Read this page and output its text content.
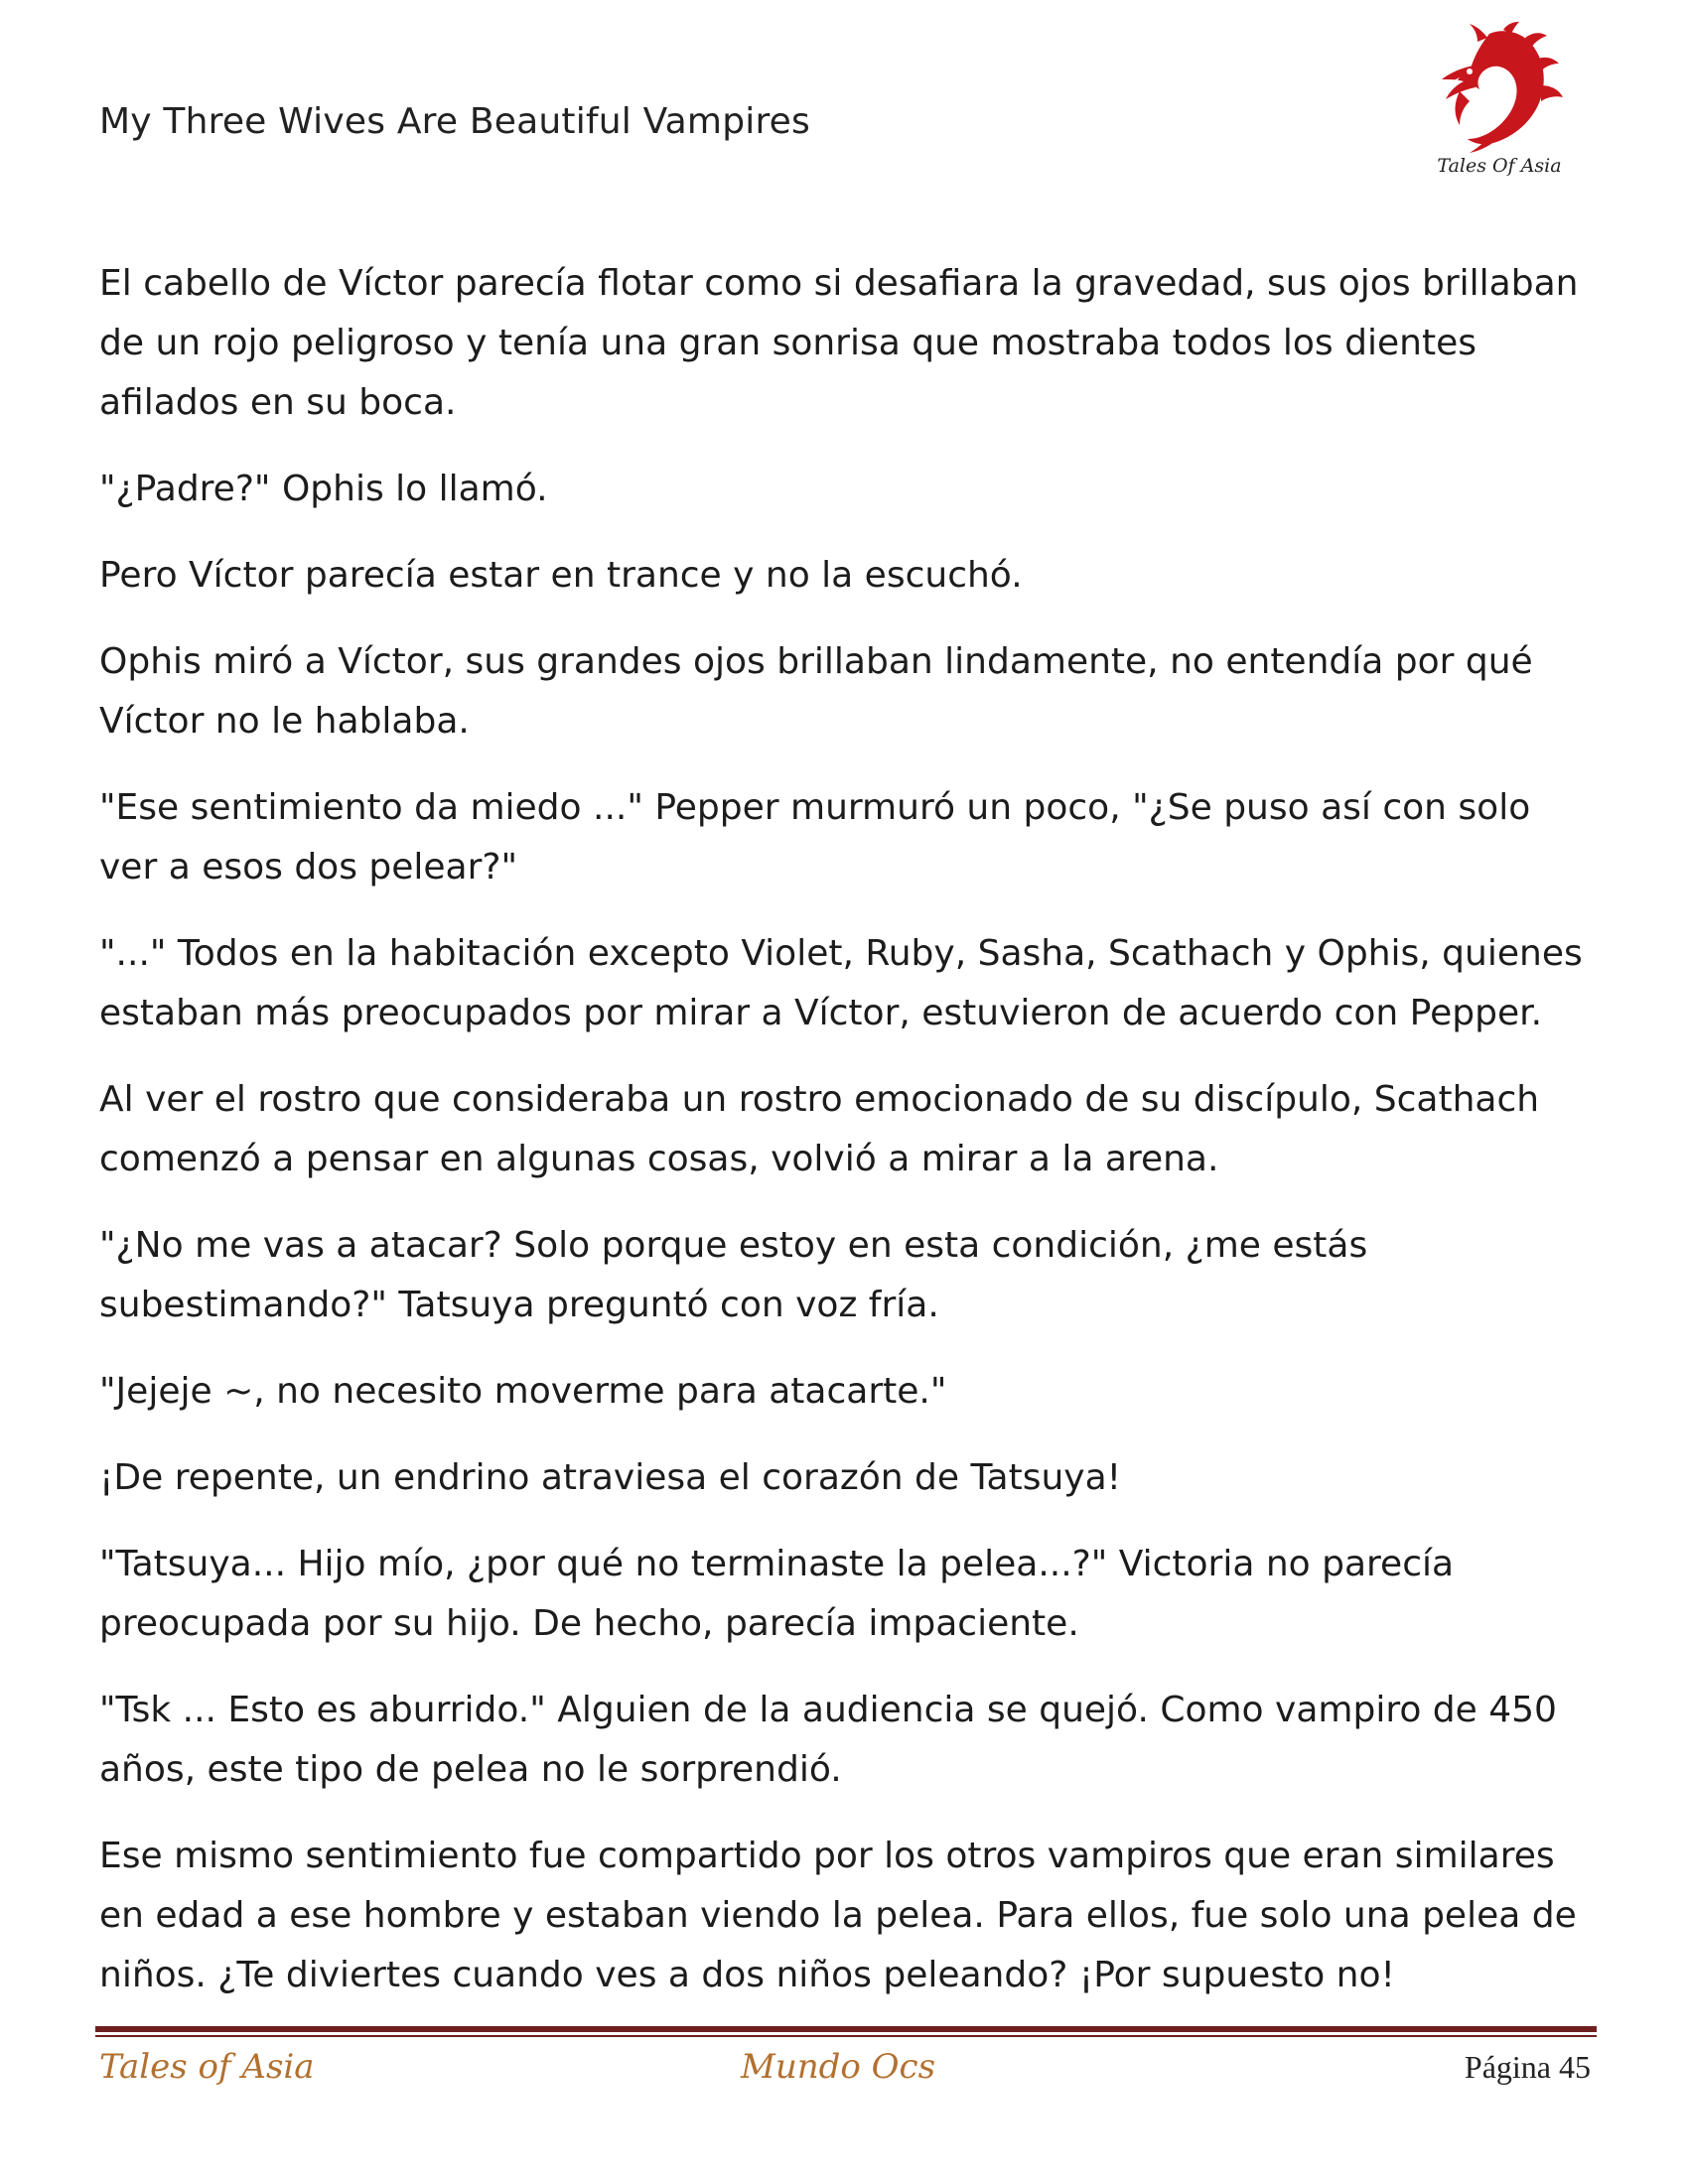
My Three Wives Are Beautiful Vampires
Tales Of Asia

El cabello de Víctor parecía flotar como si desafiara la gravedad, sus ojos brillaban de un rojo peligroso y tenía una gran sonrisa que mostraba todos los dientes afilados en su boca.

"¿Padre?" Ophis lo llamó.

Pero Víctor parecía estar en trance y no la escuchó.

Ophis miró a Víctor, sus grandes ojos brillaban lindamente, no entendía por qué Víctor no le hablaba.

"Ese sentimiento da miedo ..." Pepper murmuró un poco, "¿Se puso así con solo ver a esos dos pelear?"

"..." Todos en la habitación excepto Violet, Ruby, Sasha, Scathach y Ophis, quienes estaban más preocupados por mirar a Víctor, estuvieron de acuerdo con Pepper.

Al ver el rostro que consideraba un rostro emocionado de su discípulo, Scathach comenzó a pensar en algunas cosas, volvió a mirar a la arena.

"¿No me vas a atacar? Solo porque estoy en esta condición, ¿me estás subestimando?" Tatsuya preguntó con voz fría.

"Jejeje ~, no necesito moverme para atacarte."

¡De repente, un endrino atraviesa el corazón de Tatsuya!

"Tatsuya... Hijo mío, ¿por qué no terminaste la pelea...?" Victoria no parecía preocupada por su hijo. De hecho, parecía impaciente.

"Tsk ... Esto es aburrido." Alguien de la audiencia se quejó. Como vampiro de 450 años, este tipo de pelea no le sorprendió.

Ese mismo sentimiento fue compartido por los otros vampiros que eran similares en edad a ese hombre y estaban viendo la pelea. Para ellos, fue solo una pelea de niños. ¿Te diviertes cuando ves a dos niños peleando? ¡Por supuesto no!

Tales of Asia	Mundo Ocs	Página 45
